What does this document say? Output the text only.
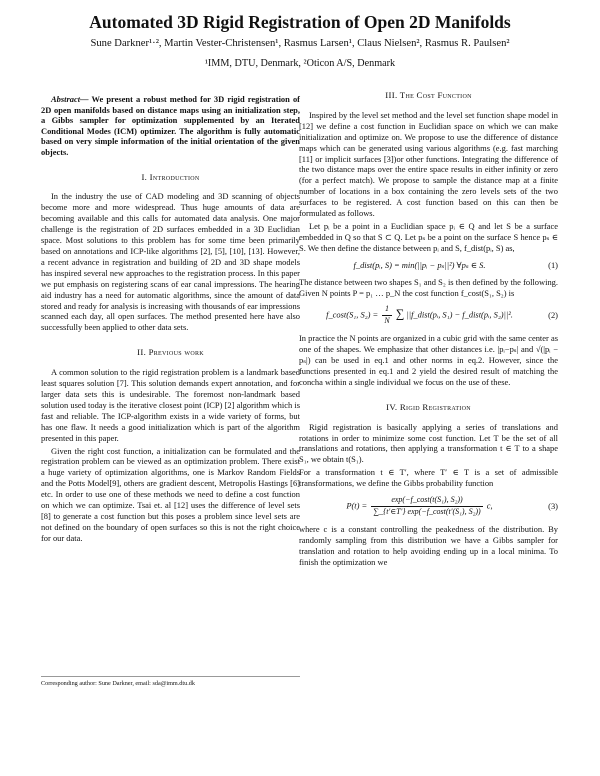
Automated 3D Rigid Registration of Open 2D Manifolds
Sune Darkner¹·², Martin Vester-Christensen¹, Rasmus Larsen¹, Claus Nielsen², Rasmus R. Paulsen²
¹IMM, DTU, Denmark, ²Oticon A/S, Denmark

Abstract— We present a robust method for 3D rigid registration of 2D open manifolds based on distance maps using an initialization step, a Gibbs sampler for optimization supplemented by an Iterated Conditional Modes (ICM) optimizer. The algorithm is fully automatic based on very simple information of the initial orientation of the given objects.

I. Introduction

In the industry the use of CAD modeling and 3D scanning of objects become more and more widespread. Thus huge amounts of data are becoming available and this calls for automated data analysis. One major challenge is the registration of 2D surfaces embedded in a 3D Euclidian space. Most solutions to this problem has for some time been primarily based on annotations and ICP-like algorithms [2], [5], [10], [13]. However, a recent advance in registration and building of 2D and 3D shape models has inspired several new approaches to the registration process. In this paper we put emphasis on registering scans of ear canal impressions. The hearing aid industry has a need for automatic algorithms, since the amount of data stored and ready for analysis is increasing with thousands of ear impressions scanned each day, all open surfaces. The method presented here have also successfully been applied to other data sets.

II. Previous work

A common solution to the rigid registration problem is a landmark based least squares solution [7]. This solution demands expert annotation, and for larger data sets this is undesirable. The foremost non-landmark based solution used today is the iterative closest point (ICP) [2] algorithm which is fast and reliable. The ICP-algorithm exists in a wide variety of forms, but has one flaw. It needs a good initialization which is part of the algorithm presented in this paper.

Given the right cost function, a initialization can be formulated and the registration problem can be viewed as an optimization problem. There exist a huge variety of optimization algorithms, one is Markov Random Fields and the Potts Model[9], others are gradient descent, Metropolis Hastings [6] etc. In order to use one of these methods we need to define a cost function on which we can optimize. Tsai et. al [12] uses the difference of level sets [8] to generate a cost function but this poses a problem since level sets are not defined on the boundary of open surfaces so this is not the right choice for our data.

III. The Cost Function

Inspired by the level set method and the level set function shape model in [12] we define a cost function in Euclidian space on which we can make initialization and optimize on. We propose to use the difference of distance maps which can be generated using various algorithms (e.g. fast marching [11] or implicit surfaces [3])or other functions. Integrating the difference of the two distance maps over the entire space results in either infinity or zero (for a perfect match). We propose to sample the distance map at a finite number of locations in a box containing the zero levels sets of the two surfaces to be registered. A cost function based on this can then be formulated as follows.

Let pᵢ be a point in a Euclidian space pᵢ ∈ Q and let S be a surface embedded in Q so that S ⊂ Q. Let pₛ be a point on the surface S hence pₛ ∈ S. We then define the distance between pᵢ and S, f_dist(pᵢ, S) as,

f_dist(pᵢ, S) = min(||pᵢ − pₛ||²) ∀pₛ ∈ S.	(1)

The distance between two shapes S₁ and S₂ is then defined by the following. Given N points P = p₁ … p_N the cost function f_cost(S₁, S₂) is

f_cost(S₁, $S_2) = \frac{1}{N}$ ∑ ||f_dist(pᵢ, S₁) − f_dist(pᵢ, S₂)||².	(2)

In practice the N points are organized in a cubic grid with the same center as one of the shapes. We emphasize that other distances i.e. |pᵢ−pₛ| and √(|pᵢ − pₛ|) can be used in eq.1 and other norms in eq.2. However, since the functions presented in eq.1 and 2 yield the desired result of matching the concha within a single individual we focus on the use of these.

IV. Rigid Registration

Rigid registration is basically applying a series of translations and rotations in order to minimize some cost function. Let T be the set of all translations and rotations, then applying a transformation t ∈ T to a shape S₁, we obtain t(S₁).

For a transformation t ∈ T′, where T′ ∈ T is a set of admissible transformations, we define the Gibbs probability function

$P(t) = \frac{\text{exp(−f\_cost(t(S₁), S₂))}}{\text{∑\_\{t′∈T′\} exp(−f\_cost(t′(S₁), S₂))}} c$,	(3)

where c is a constant controlling the peakedness of the distribution. By randomly sampling from this distribution we have a Gibbs sampler for translation and rotation to help avoiding ending up in a local minima. To finish the optimization we

Corresponding author: Sune Darkner, email: sda@imm.dtu.dk
